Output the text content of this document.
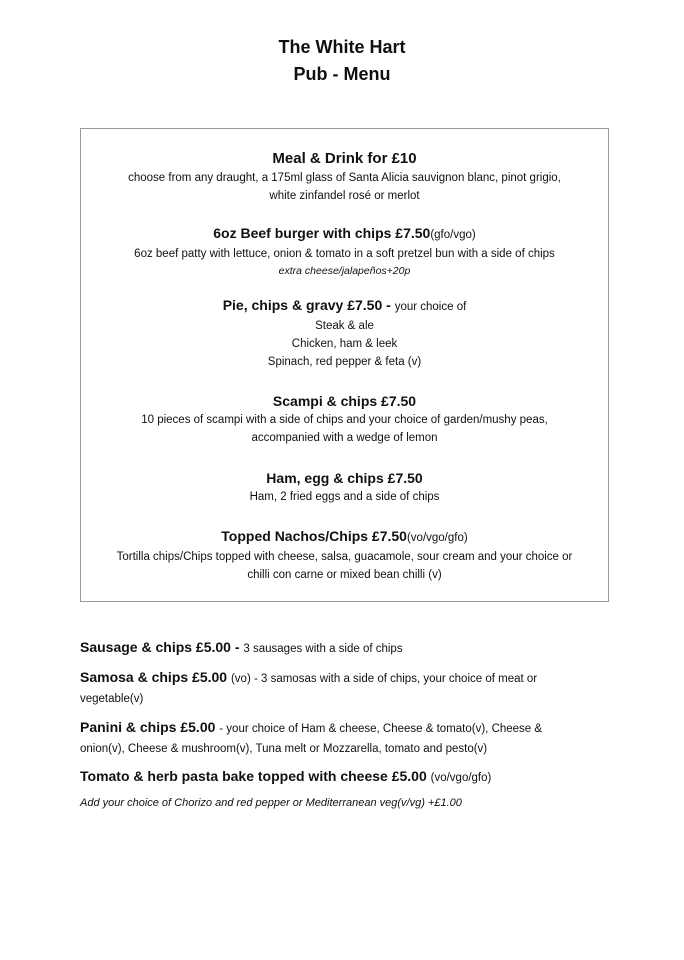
The White Hart
Pub - Menu
Meal & Drink for £10
choose from any draught, a 175ml glass of Santa Alicia sauvignon blanc, pinot grigio,
white zinfandel rosé or merlot
6oz Beef burger with chips £7.50(gfo/vgo)
6oz beef patty with lettuce, onion & tomato in a soft pretzel bun with a side of chips
extra cheese/jalapeños+20p
Pie, chips & gravy £7.50 - your choice of
Steak & ale
Chicken, ham & leek
Spinach, red pepper & feta (v)
Scampi & chips £7.50
10 pieces of scampi with a side of chips and your choice of garden/mushy peas,
accompanied with a wedge of lemon
Ham, egg & chips £7.50
Ham, 2 fried eggs and a side of chips
Topped Nachos/Chips £7.50(vo/vgo/gfo)
Tortilla chips/Chips topped with cheese, salsa, guacamole, sour cream and your choice or
chilli con carne or mixed bean chilli (v)
Sausage & chips £5.00 - 3 sausages with a side of chips
Samosa & chips £5.00 (vo) - 3 samosas with a side of chips, your choice of meat or
vegetable(v)
Panini & chips £5.00 - your choice of Ham & cheese, Cheese & tomato(v), Cheese &
onion(v), Cheese & mushroom(v), Tuna melt or Mozzarella, tomato and pesto(v)
Tomato & herb pasta bake topped with cheese £5.00 (vo/vgo/gfo)
Add your choice of Chorizo and red pepper or Mediterranean veg(v/vg) +£1.00
